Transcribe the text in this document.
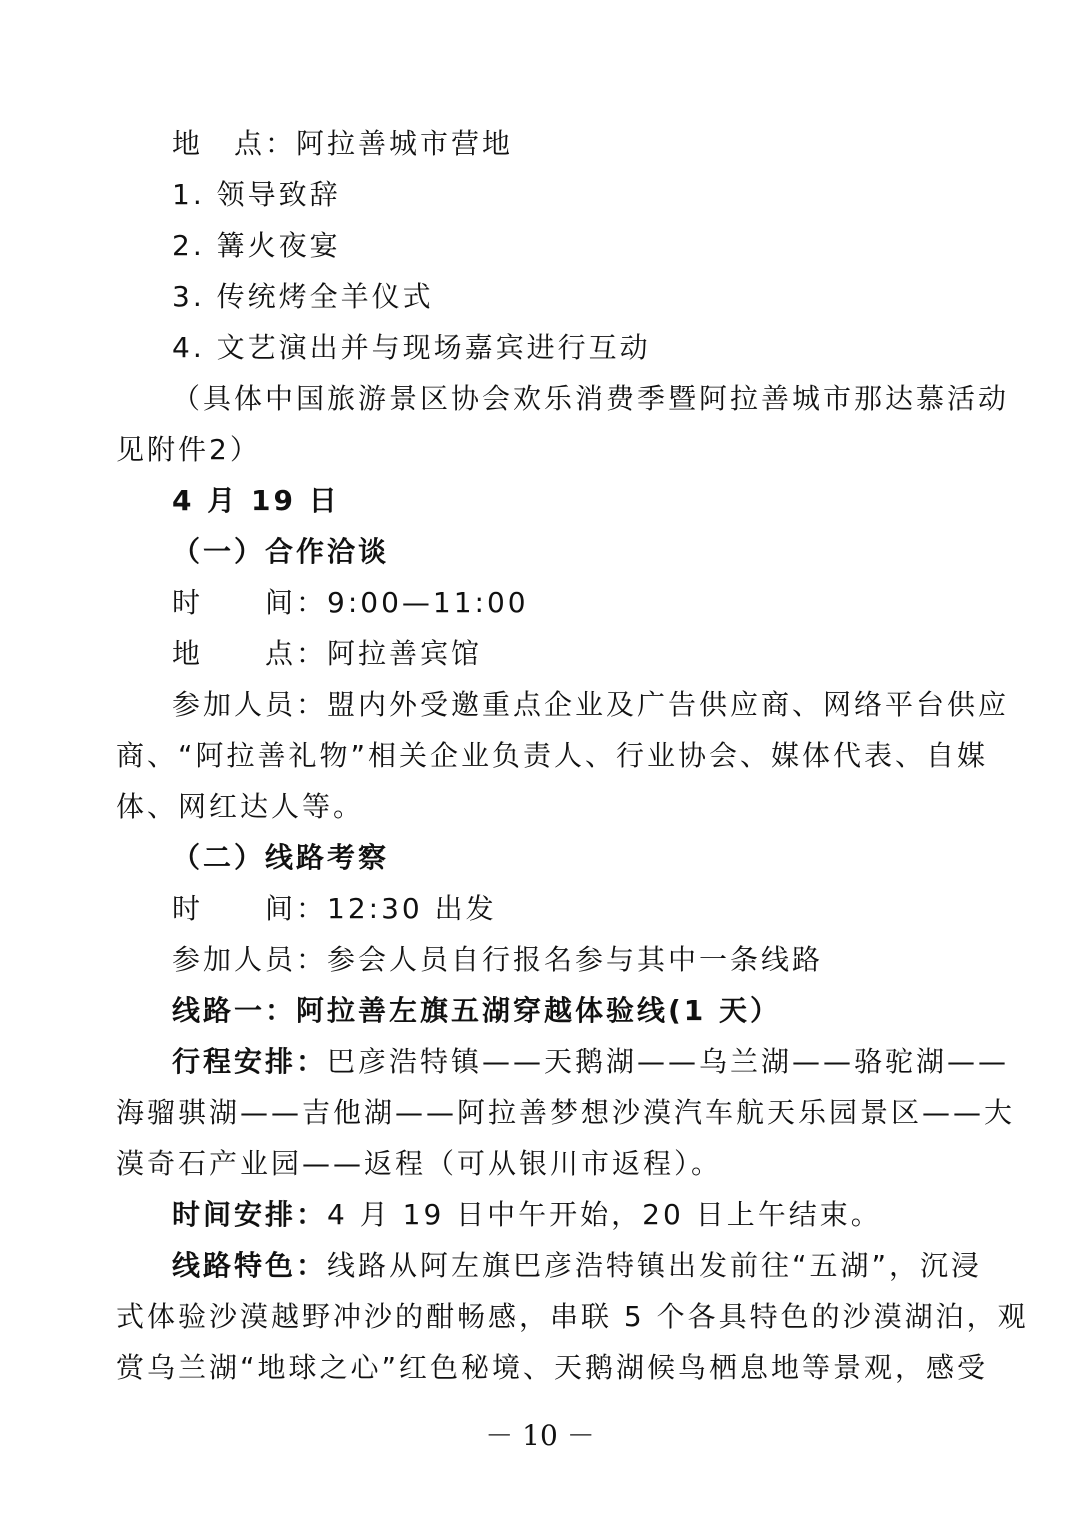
地　点：阿拉善城市营地
1. 领导致辞
2. 篝火夜宴
3. 传统烤全羊仪式
4. 文艺演出并与现场嘉宾进行互动
（具体中国旅游景区协会欢乐消费季暨阿拉善城市那达慕活动
见附件2）
4 月 19 日
（一）合作洽谈
时　　间：9:00—11:00
地　　点：阿拉善宾馆
参加人员：盟内外受邀重点企业及广告供应商、网络平台供应
商、“阿拉善礼物”相关企业负责人、行业协会、媒体代表、自媒
体、网红达人等。
（二）线路考察
时　　间：12:30 出发
参加人员：参会人员自行报名参与其中一条线路
线路一：阿拉善左旗五湖穿越体验线(1 天）
行程安排：巴彦浩特镇——天鹅湖——乌兰湖——骆驼湖——
海骝骐湖——吉他湖——阿拉善梦想沙漠汽车航天乐园景区——大
漠奇石产业园——返程（可从银川市返程）。
时间安排：4 月 19 日中午开始，20 日上午结束。
线路特色：线路从阿左旗巴彦浩特镇出发前往“五湖”，沉浸
式体验沙漠越野冲沙的酣畅感，串联 5 个各具特色的沙漠湖泊，观
赏乌兰湖“地球之心”红色秘境、天鹅湖候鸟栖息地等景观，感受
－ 10 －
